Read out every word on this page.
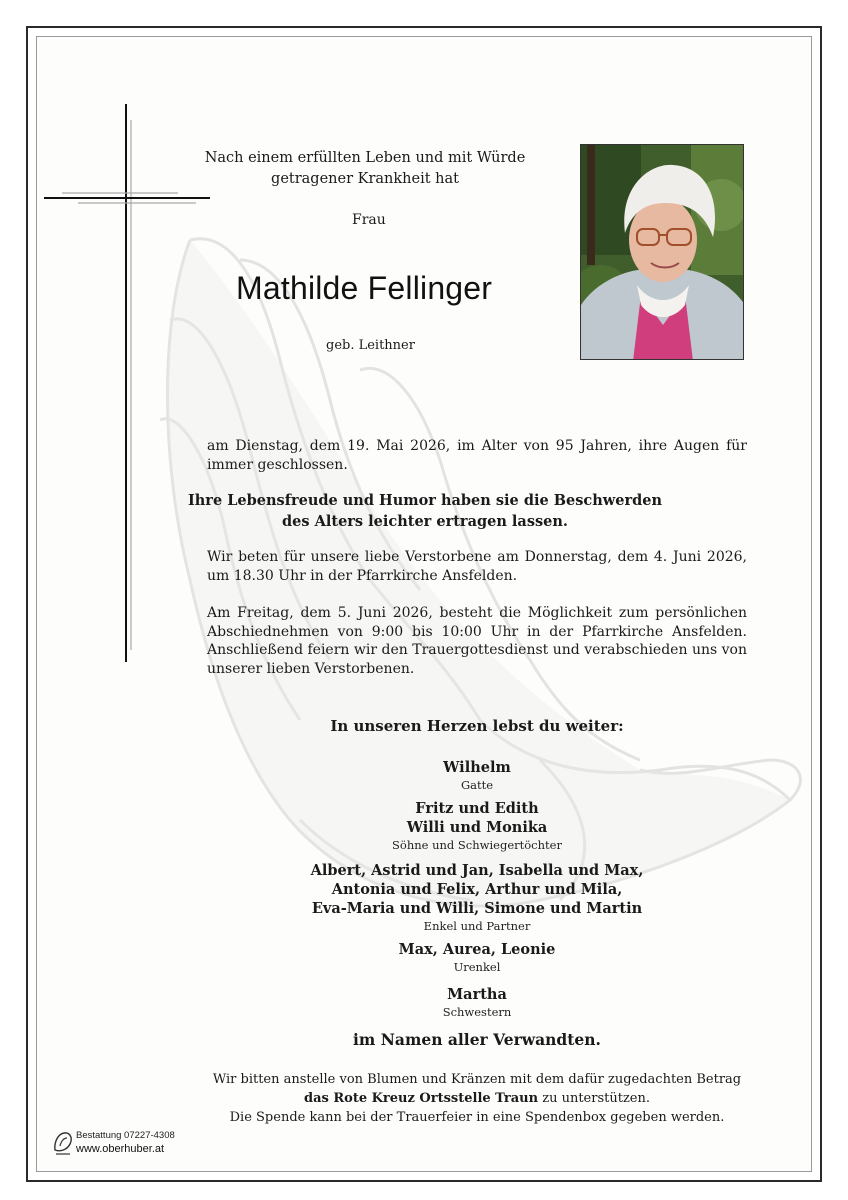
Nach einem erfüllten Leben und mit Würde getragener Krankheit hat
Frau
Mathilde Fellinger
geb. Leithner
am Dienstag, dem 19. Mai 2026, im Alter von 95 Jahren, ihre Augen für immer geschlossen.
Ihre Lebensfreude und Humor haben sie die Beschwerden
des Alters leichter ertragen lassen.
Wir beten für unsere liebe Verstorbene am Donnerstag, dem 4. Juni 2026, um 18.30 Uhr in der Pfarrkirche Ansfelden.
Am Freitag, dem 5. Juni 2026, besteht die Möglichkeit zum persönlichen Abschiednehmen von 9:00 bis 10:00 Uhr in der Pfarrkirche Ansfelden. Anschließend feiern wir den Trauergottesdienst und verabschieden uns von unserer lieben Verstorbenen.
In unseren Herzen lebst du weiter:
Wilhelm
Gatte
Fritz und Edith
Willi und Monika
Söhne und Schwiegertöchter
Albert, Astrid und Jan, Isabella und Max,
Antonia und Felix, Arthur und Mila,
Eva-Maria und Willi, Simone und Martin
Enkel und Partner
Max, Aurea, Leonie
Urenkel
Martha
Schwestern
im Namen aller Verwandten.
Wir bitten anstelle von Blumen und Kränzen mit dem dafür zugedachten Betrag
das Rote Kreuz Ortsstelle Traun zu unterstützen.
Die Spende kann bei der Trauerfeier in eine Spendenbox gegeben werden.
Bestattung 07227-4308
www.oberhuber.at
